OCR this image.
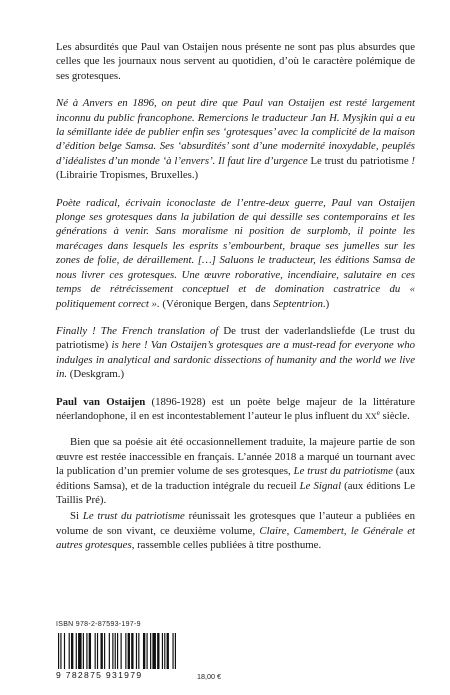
Les absurdités que Paul van Ostaijen nous présente ne sont pas plus absurdes que celles que les journaux nous servent au quotidien, d’où le caractère polémique de ses grotesques.

Né à Anvers en 1896, on peut dire que Paul van Ostaijen est resté largement inconnu du public francophone. Remercions le traducteur Jan H. Mysjkin qui a eu la sémillante idée de publier enfin ses ‘grotesques’ avec la complicité de la maison d’édition belge Samsa. Ses ‘absurdités’ sont d’une modernité inoxydable, peuplés d’idéalistes d’un monde ‘à l’envers’. Il faut lire d’urgence Le trust du patriotisme ! (Librairie Tropismes, Bruxelles.)

Poète radical, écrivain iconoclaste de l’entre-deux guerre, Paul van Ostaijen plonge ses grotesques dans la jubilation de qui dessille ses contemporains et les générations à venir. Sans moralisme ni position de surplomb, il pointe les marécages dans lesquels les esprits s’embourbent, braque ses jumelles sur les zones de folie, de déraillement. […] Saluons le traducteur, les éditions Samsa de nous livrer ces grotesques. Une œuvre roborative, incendiaire, salutaire en ces temps de rétrécissement conceptuel et de domination castratrice du « politiquement correct ». (Véronique Bergen, dans Septentrion.)

Finally ! The French translation of De trust der vaderlandsliefde (Le trust du patriotisme) is here ! Van Ostaijen’s grotesques are a must-read for everyone who indulges in analytical and sardonic dissections of humanity and the world we live in. (Deskgram.)

Paul van Ostaijen (1896-1928) est un poète belge majeur de la littérature néerlandophone, il en est incontestablement l’auteur le plus influent du $xx^e$ siècle.

Bien que sa poésie ait été occasionnellement traduite, la majeure partie de son œuvre est restée inaccessible en français. L’année 2018 a marqué un tournant avec la publication d’un premier volume de ses grotesques, Le trust du patriotisme (aux éditions Samsa), et de la traduction intégrale du recueil Le Signal (aux éditions Le Taillis Pré).

Si Le trust du patriotisme réunissait les grotesques que l’auteur a publiées en volume de son vivant, ce deuxième volume, Claire, Camembert, le Générale et autres grotesques, rassemble celles publiées à titre posthume.

ISBN 978-2-87593-197-9
9 782875 931979	18,00 €
